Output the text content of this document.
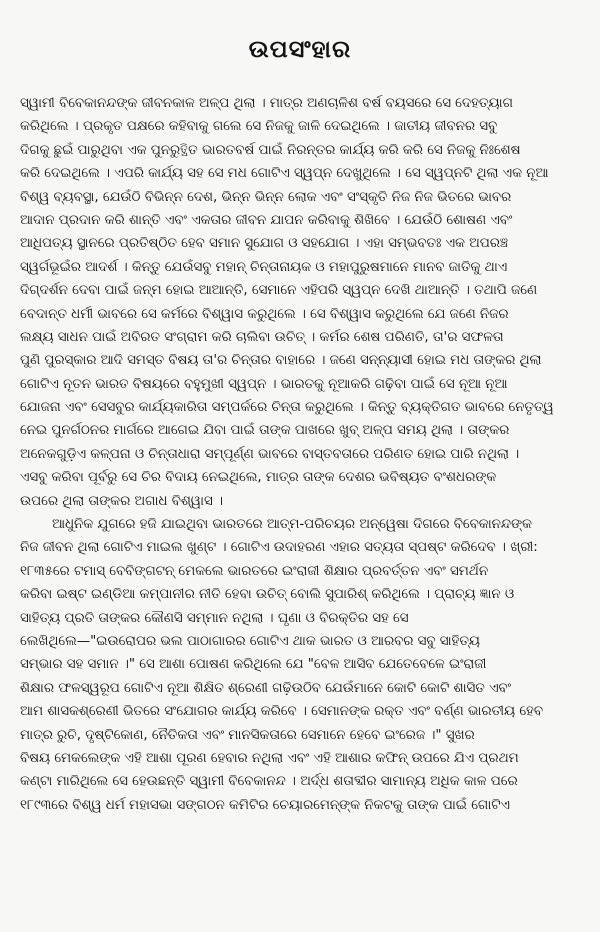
ଉପସଂହାର
ସ୍ୱାମୀ ବିବେକାନନ୍ଦଙ୍କ ଜୀବନକାଳ ଅଳ୍ପ ଥିଲା । ମାତ୍ର ଅଣଚାଳିଶ ବର୍ଷ ବୟସରେ ସେ ଦେହତ୍ୟାଗ
କରିଥିଲେ । ପ୍ରକୃତ ପକ୍ଷରେ କହିବାକୁ ଗଲେ ସେ ନିଜକୁ ଜାଳି ଦେଇଥିଲେ । ଜାତୀୟ ଜୀବନର ସବୁ
ଦିଗକୁ ଛୁଇଁ ପାରୁଥିବା ଏକ ପୁନରୁତ୍ଥିତ ଭାରତବର୍ଷ ପାଇଁ ନିରନ୍ତର କାର୍ଯ୍ୟ କରି କରି ସେ ନିଜକୁ ନିଃଶେଷ
କରି ଦେଇଥିଲେ । ଏପରି କାର୍ଯ୍ୟ ସହ ସେ ମଧ ଗୋଟିଏ ସ୍ୱପ୍ନ ଦେଖୁଥିଲେ । ସେ ସ୍ୱପ୍ନଟି ଥିଲା ଏକ ନୂଆ
ବିଶ୍ୱ ବ୍ୟବସ୍ଥା, ଯେଉଁଠି ବିଭିନ୍ନ ଦେଶ, ଭିନ୍ନ ଭିନ୍ନ ଲୋକ ଏବଂ ସଂସ୍କୃତି ନିଜ ନିଜ ଭିତରେ ଭାବର
ଆଦାନ ପ୍ରଦାନ କରି ଶାନ୍ତି ଏବଂ ଏକତାର ଜୀବନ ଯାପନ କରିବାକୁ ଶିଖିବେ । ଯେଉଁଠି ଶୋଷଣ ଏବଂ
ଆଧିପତ୍ୟ ସ୍ଥାନରେ ପ୍ରତିଷ୍ଠିତ ହେବ ସମାନ ସୁଯୋଗ ଓ ସହଯୋଗ । ଏହା ସମ୍ଭବତଃ ଏକ ଅପରଞ୍ଚ
ସ୍ୱର୍ଗଭୂଇଁର ଆଦର୍ଶ । କିନ୍ତୁ ଯେଉଁସବୁ ମହାନ୍ ଚିନ୍ତାନାୟକ ଓ ମହାପୁରୁଷମାନେ ମାନବ ଜାତିକୁ ଥାଏ
ଦିଗ୍‌ଦର୍ଶନ ଦେବା ପାଇଁ ଜନ୍ମ ହୋଇ ଆଆନ୍ତି, ସେମାନେ ଏହିପରି ସ୍ୱପ୍ନ ଦେଖି ଥାଆନ୍ତି । ତଥାପି ଜଣେ
ବେଦାନ୍ତ ଧର୍ମୀ ଭାବରେ ସେ କର୍ମରେ ବିଶ୍ୱାସ କରୁଥିଲେ । ସେ ବିଶ୍ୱାସ କରୁଥିଲେ ଯେ ଜଣେ ନିଜର
ଲକ୍ଷ୍ୟ ସାଧନ ପାଇଁ ଅବିରତ ସଂଗ୍ରାମ କରି ଚାଲିବା ଉଚିତ୍ । କର୍ମର ଶେଷ ପରିଣତି, ତା'ର ସଫଳତା
ପୁଣି ପୁରସ୍କାର ଆଦି ସମସ୍ତ ବିଷୟ ତା'ର ଚିନ୍ତାର ବାହାରେ । ଜଣେ ସନ୍ନ୍ୟାସୀ ହୋଇ ମଧ ତାଙ୍କର ଥିଲା
ଗୋଟିଏ ନୂତନ ଭାରତ ବିଷୟରେ ବହୁମୁଖୀ ସ୍ୱପ୍ନ । ଭାରତକୁ ନୂଆକରି ଗଢ଼ିବା ପାଇଁ ସେ ନୂଆ ନୂଆ
ଯୋଜନା ଏବଂ ସେସବୁର କାର୍ଯ୍ୟକାରିତା ସମ୍ପର୍କରେ ଚିନ୍ତା କରୁଥିଲେ । କିନ୍ତୁ ବ୍ୟକ୍ତିଗତ ଭାବରେ ନେତୃତ୍ୱ
ନେଇ ପୁନର୍ଗଠନର ମାର୍ଗରେ ଆଗେଇ ଯିବା ପାଇଁ ତାଙ୍କ ପାଖରେ ଖୁବ୍ ଅଳ୍ପ ସମୟ ଥିଲା । ତାଙ୍କର
ଅନେକଗୁଡ଼ିଏ କଳ୍ପନା ଓ ଚିନ୍ତାଧାରା ସମ୍ପୂର୍ଣ୍ଣ ଭାବରେ ବାସ୍ତବତାରେ ପରିଣତ ହୋଇ ପାରି ନଥିଲା ।
ଏସବୁ କରିବା ପୂର୍ବରୁ ସେ ଚିର ବିଦାୟ ନେଇଥିଲେ, ମାତ୍ର ତାଙ୍କ ଦେଶର ଭବିଷ୍ୟତ ବଂଶଧରଙ୍କ
ଉପରେ ଥିଲା ତାଙ୍କର ଅଗାଧ ବିଶ୍ୱାସ ।
ଆଧୁନିକ ଯୁଗରେ ହଜି ଯାଇଥିବା ଭାରତରେ ଆତ୍ମ-ପରିଚୟର ଅନ୍ୱେଷା ଦିଗରେ ବିବେକାନନ୍ଦଙ୍କ
ନିଜ ଜୀବନ ଥିଲା ଗୋଟିଏ ମାଇଲ ଖୁଣ୍ଟ । ଗୋଟିଏ ଉଦାହରଣ ଏହାର ସତ୍ୟତା ସ୍ପଷ୍ଟ କରିଦେବ । ଖ୍ରୀ:
୧୮୩୫ରେ ଟମାସ୍ ବେବିଙ୍ଗଟନ୍ ମେକଲେ ଭାରତରେ ଇଂରାଜୀ ଶିକ୍ଷାର ପ୍ରବର୍ତ୍ତନ ଏବଂ ସମର୍ଥନ
କରିବା ଇଷ୍ଟ ଇଣ୍ଡିଆ କମ୍ପାନୀର ନୀତି ହେବା ଉଚିତ୍ ବୋଲି ସୁପାରିଶ୍ କରିଥିଲେ । ପ୍ରାଚ୍ୟ ଜ୍ଞାନ ଓ
ସାହିତ୍ୟ ପ୍ରତି ତାଙ୍କର କୌଣସି ସମ୍ମାନ ନଥିଲା । ଘୃଣା ଓ ବିରକ୍ତିର ସହ ସେ
ଲେଖିଥିଲେ—"ଇଉରୋପର ଭଲ ପାଠାଗାରର ଗୋଟିଏ ଥାକ ଭାରତ ଓ ଆରବର ସବୁ ସାହିତ୍ୟ
ସମ୍ଭାର ସହ ସମାନ ।" ସେ ଆଶା ପୋଷଣ କରିଥିଲେ ଯେ "ବେଳ ଆସିବ ଯେତେବେଳେ ଇଂରାଜୀ
ଶିକ୍ଷାର ଫଳସ୍ୱରୂପ ଗୋଟିଏ ନୂଆ ଶିକ୍ଷିତ ଶ୍ରେଣୀ ଗଢ଼ିଉଠିବ ଯେଉଁମାନେ କୋଟି କୋଟି ଶାସିତ ଏବଂ
ଆମ ଶାସକଶ୍ରେଣୀ ଭିତରେ ସଂଯୋଗର କାର୍ଯ୍ୟ କରିବେ । ସେମାନଙ୍କ ରକ୍ତ ଏବଂ ବର୍ଣ୍ଣ ଭାରତୀୟ ହେବ
ମାତ୍ର ରୁଚି, ଦୃଷ୍ଟିକୋଣ, ନୈତିକତା ଏବଂ ମାନସିକତାରେ ସେମାନେ ହେବେ ଇଂରେଜ ।" ସୁଖର
ବିଷୟ ମେକଲେଙ୍କ ଏହି ଆଶା ପୂରଣ ହେବାର ନଥିଲା ଏବଂ ଏହି ଆଶାର କଫିନ୍ ଉପରେ ଯିଏ ପ୍ରଥମ
କଣ୍ଟା ମାରିଥିଲେ ସେ ହେଉଛନ୍ତି ସ୍ୱାମୀ ବିବେକାନନ୍ଦ । ଅର୍ଦ୍ଧ ଶତାବ୍ଦୀର ସାମାନ୍ୟ ଅଧିକ କାଳ ପରେ
୧୮୯୩ରେ ବିଶ୍ୱ ଧର୍ମ ମହାସଭା ସଙ୍ଗଠନ କମିଟିର ଚେୟାରମେନ୍‌ଙ୍କ ନିକଟକୁ ତାଙ୍କ ପାଇଁ ଗୋଟିଏ
